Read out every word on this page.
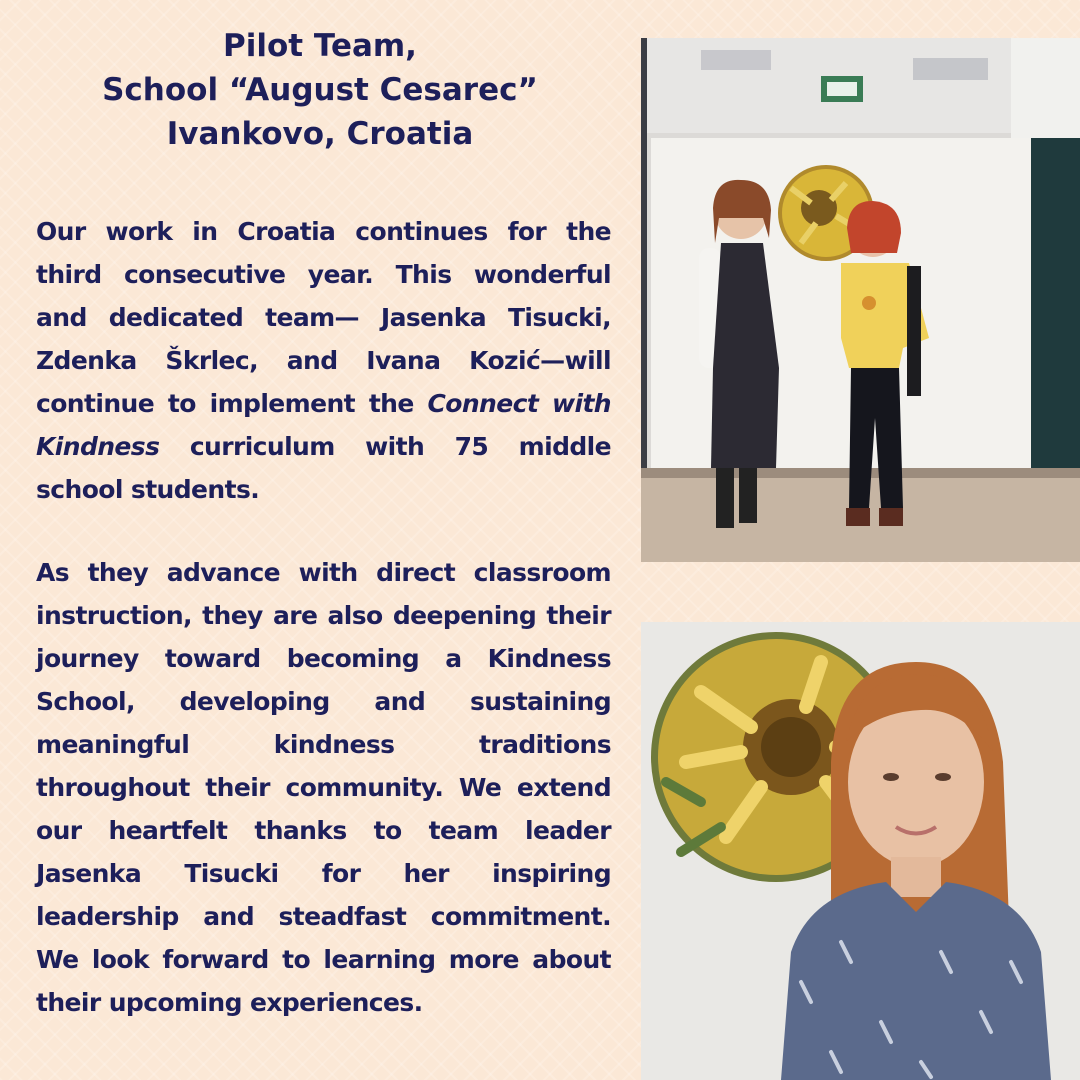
Pilot Team,
School “August Cesarec”
Ivankovo, Croatia
Our work in Croatia continues for the third consecutive year. This wonderful and dedicated team— Jasenka Tisucki, Zdenka Škrlec, and Ivana Kozić—will continue to implement the Connect with Kindness curriculum with 75 middle school students.
As they advance with direct classroom instruction, they are also deepening their journey toward becoming a Kindness School, developing and sustaining meaningful kindness traditions throughout their community. We extend our heartfelt thanks to team leader Jasenka Tisucki for her inspiring leadership and steadfast commitment. We look forward to learning more about their upcoming experiences.
